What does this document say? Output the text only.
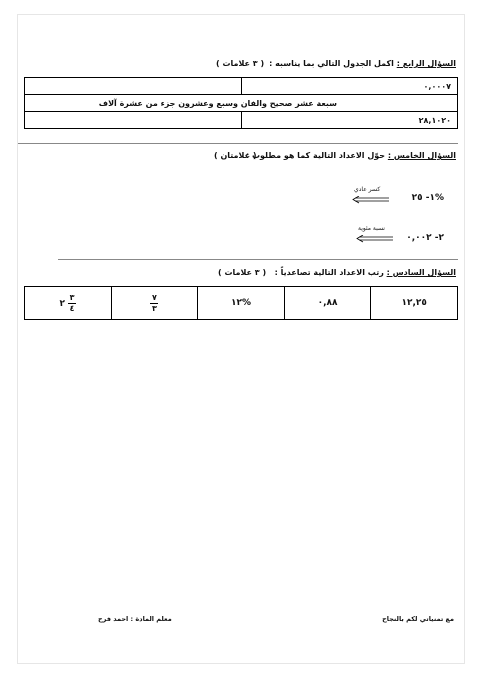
السؤال الرابع : اكمل الجدول التالي بما يناسبه :
( ٣ علامات )
	٠,٠٠٠٧
سبعة عشر صحيح والفان وسبع وعشرون جزء من عشرة آلاف	
	٢٨,١٠٢٠
السؤال الخامس : حوّل الاعداد التالية كما هو مطلوب :
( علامتان )
١- ٢٥%
كسر عادي
٢- ٠,٠٠٢
نسبة مئوية
السؤال السادس : رتب الاعداد التالية تصاعدياً :
( ٣ علامات )
٢ $\frac{٣}{٤}$	$\frac{٧}{٣}$	١٢%	٠,٨٨	١٢,٢٥
مع تمنياتي لكم بالنجاح
معلم المادة : احمد فرح
